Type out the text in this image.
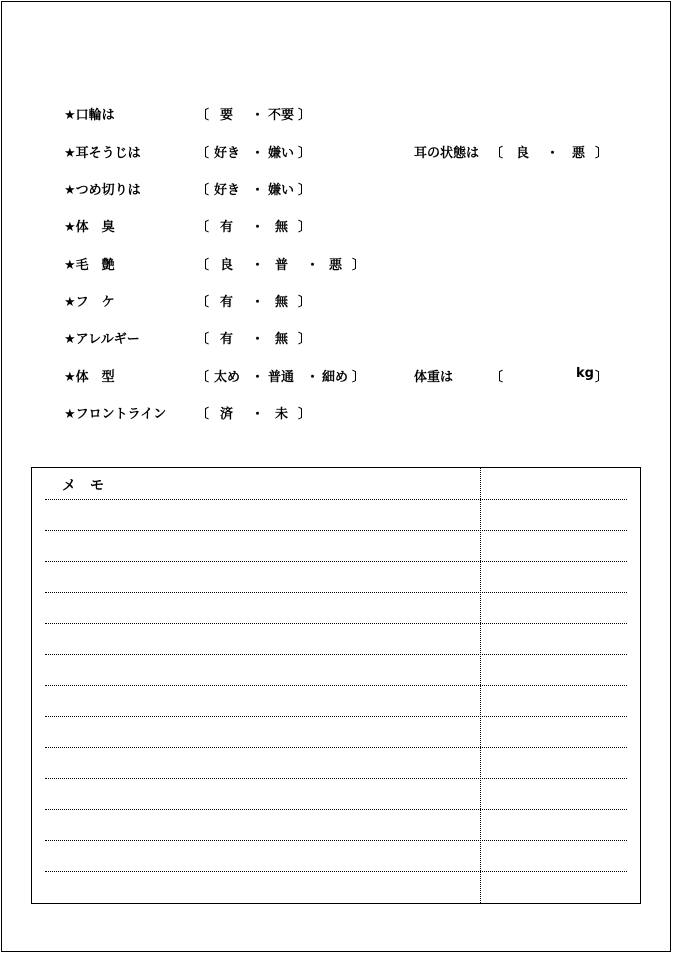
★口輪は	〔 要 ・ 不要 〕
★耳そうじは	〔 好き ・ 嫌い 〕	耳の状態は 〔 良 ・ 悪 〕
★つめ切りは	〔 好き ・ 嫌い 〕
★体　臭	〔 有 ・ 無 〕
★毛　艶	〔 良 ・ 普 ・ 悪 〕
★フ　ケ	〔 有 ・ 無 〕
★アレルギー	〔 有 ・ 無 〕
★体　型	〔 太め ・ 普通 ・ 細め 〕	体重は	〔	kg 〕
★フロントライン 〔 済 ・ 未 〕
メ　モ
